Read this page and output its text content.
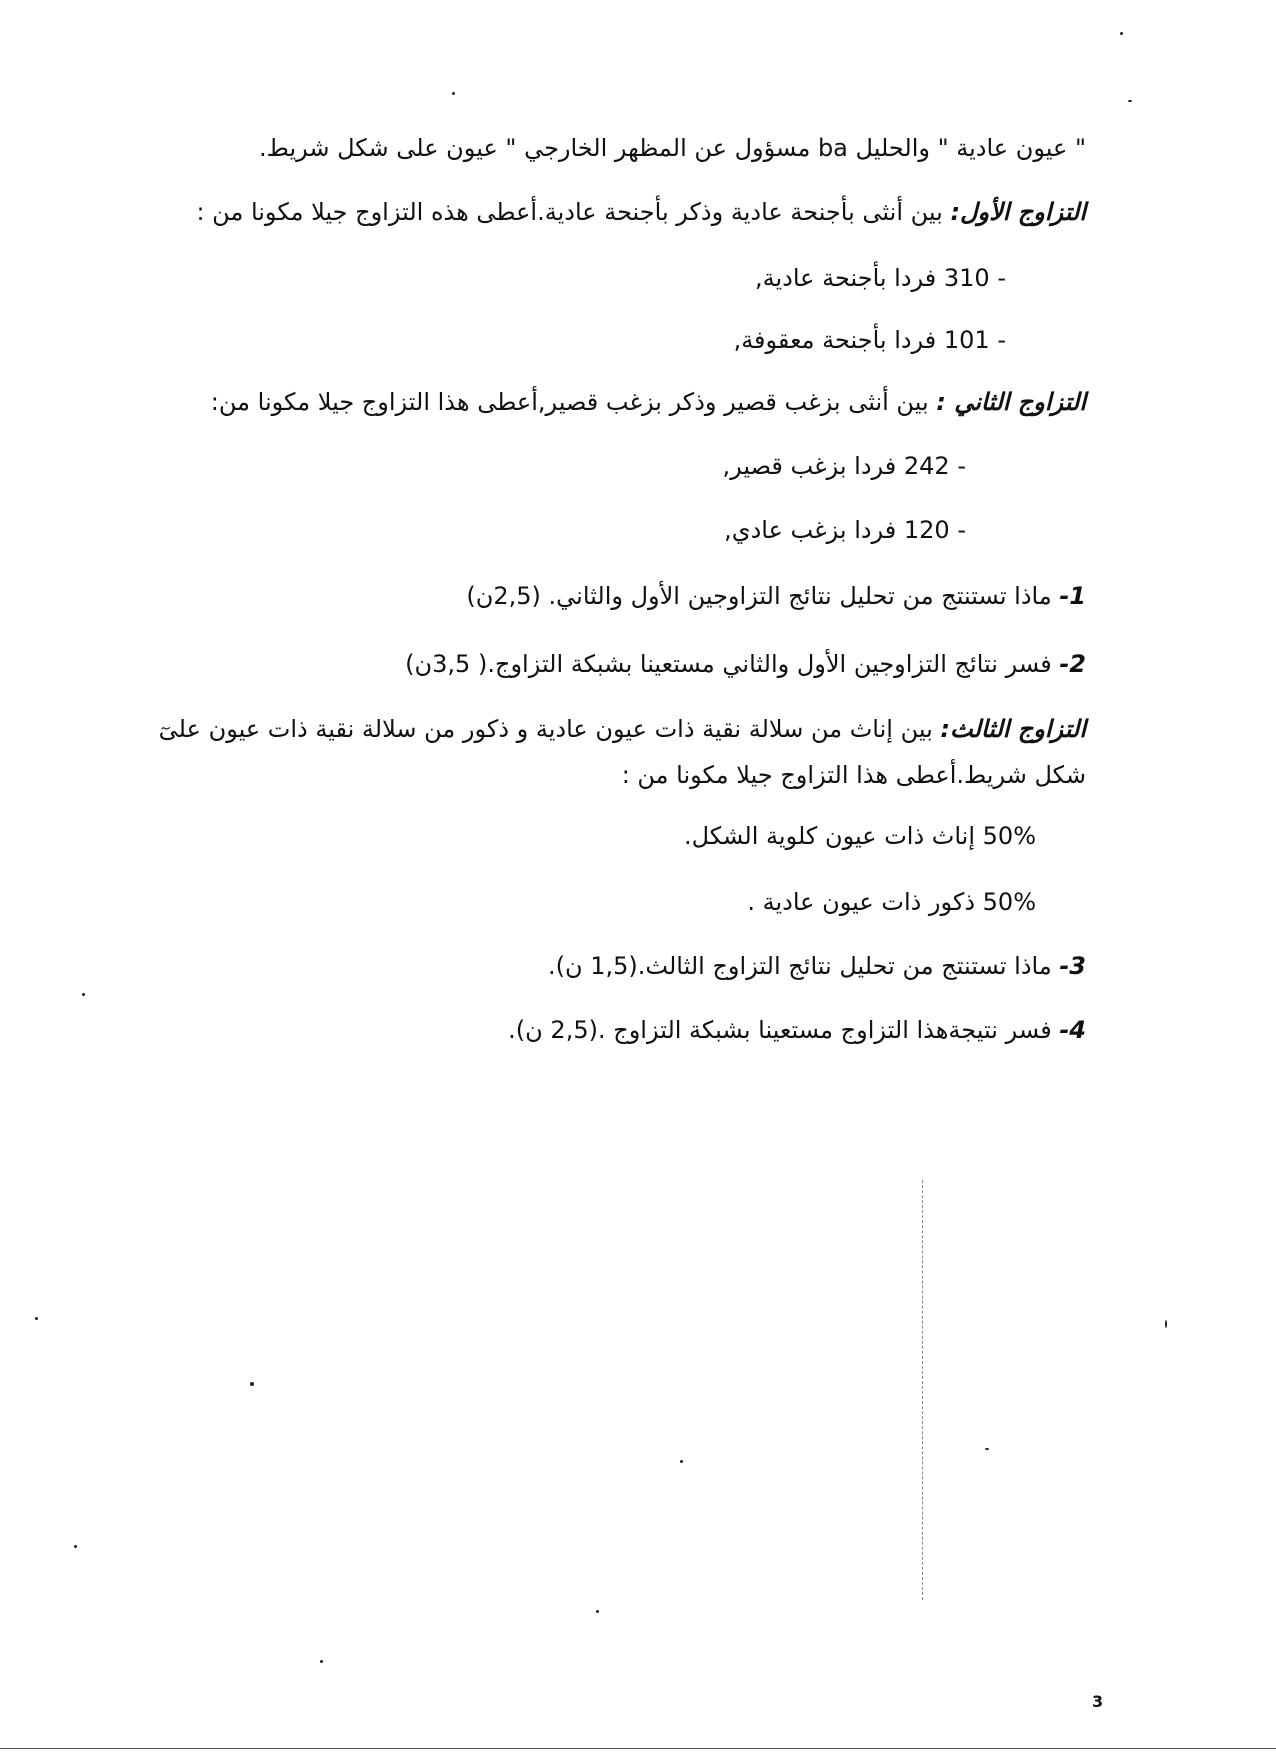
" عيون عادية " والحليل ba مسؤول عن المظهر الخارجي " عيون على شكل شريط.
التزاوج الأول: بين أنثى بأجنحة عادية وذكر بأجنحة عادية.أعطى هذه التزاوج جيلا مكونا من :
- 310 فردا بأجنحة عادية,
- 101 فردا بأجنحة معقوفة,
التزاوج الثاني : بين أنثى بزغب قصير وذكر بزغب قصير,أعطى هذا التزاوج جيلا مكونا من:
- 242 فردا بزغب قصير,
- 120 فردا بزغب عادي,
1- ماذا تستنتج من تحليل نتائج التزاوجين الأول والثاني. (2,5ن)
2- فسر نتائج التزاوجين الأول والثاني مستعينا بشبكة التزاوج.( 3,5ن)
التزاوج الثالث: بين إناث من سلالة نقية ذات عيون عادية و ذكور من سلالة نقية ذات عيون علىٓ شكل شريط.أعطى هذا التزاوج جيلا مكونا من :
50% إناث ذات عيون كلوية الشكل.
50% ذكور ذات عيون عادية .
3- ماذا تستنتج من تحليل نتائج التزاوج الثالث.(1,5 ن).
4- فسر نتيجةهذا التزاوج مستعينا بشبكة التزاوج .(2,5 ن).
3
